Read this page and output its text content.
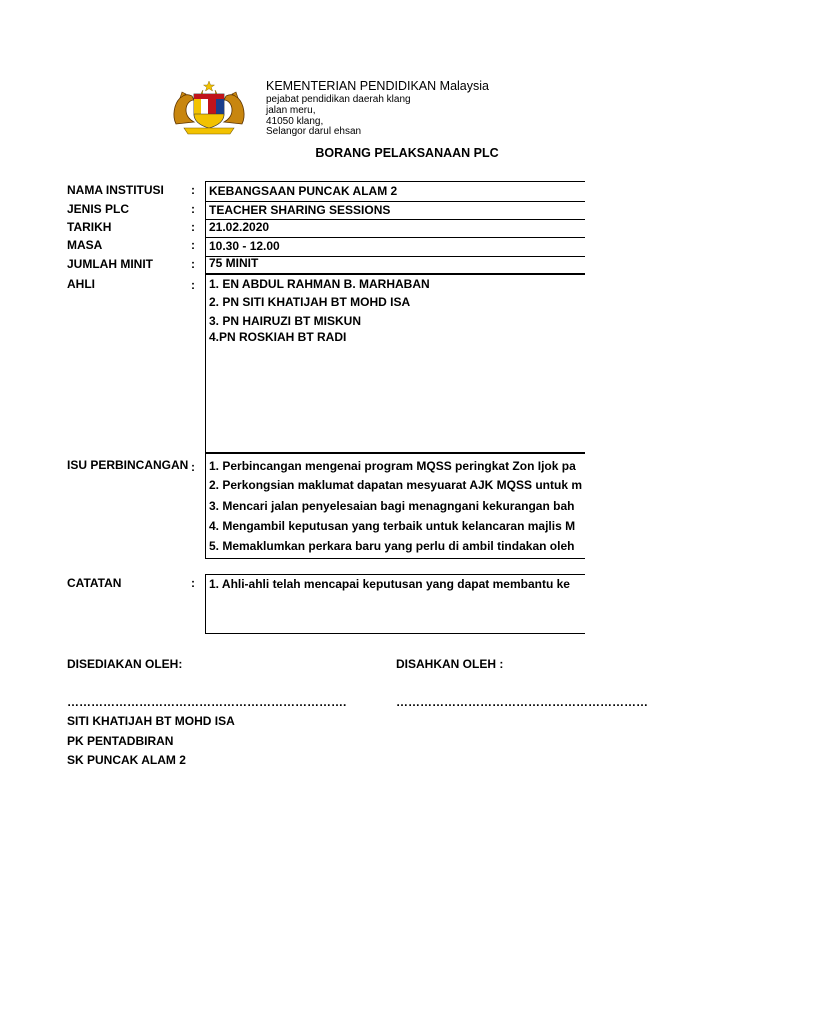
KEMENTERIAN PENDIDIKAN Malaysia
pejabat pendidikan daerah klang
jalan meru,
41050 klang,
Selangor darul ehsan
BORANG PELAKSANAAN PLC
NAMA INSTITUSI : KEBANGSAAN PUNCAK ALAM 2
JENIS PLC	: TEACHER SHARING SESSIONS
TARIKH	: 21.02.2020
MASA	: 10.30 - 12.00
JUMLAH MINIT	: 75 MINIT
AHLI	: 1. EN ABDUL RAHMAN B. MARHABAN
2. PN SITI KHATIJAH BT MOHD ISA
3. PN HAIRUZI BT MISKUN
4.PN ROSKIAH BT RADI
ISU PERBINCANGAN : 1. Perbincangan mengenai program MQSS peringkat Zon Ijok pa
2. Perkongsian maklumat dapatan mesyuarat AJK MQSS untuk m
3. Mencari jalan penyelesaian bagi menagngani kekurangan bah
4. Mengambil keputusan yang terbaik untuk kelancaran majlis M
5. Memaklumkan perkara baru yang perlu di ambil tindakan oleh
CATATAN	: 1. Ahli-ahli telah mencapai keputusan yang dapat membantu ke
DISEDIAKAN OLEH:	DISAHKAN OLEH :
…………………………………………………………….	………………………………………………………
SITI KHATIJAH BT MOHD ISA
PK PENTADBIRAN
SK PUNCAK ALAM 2
